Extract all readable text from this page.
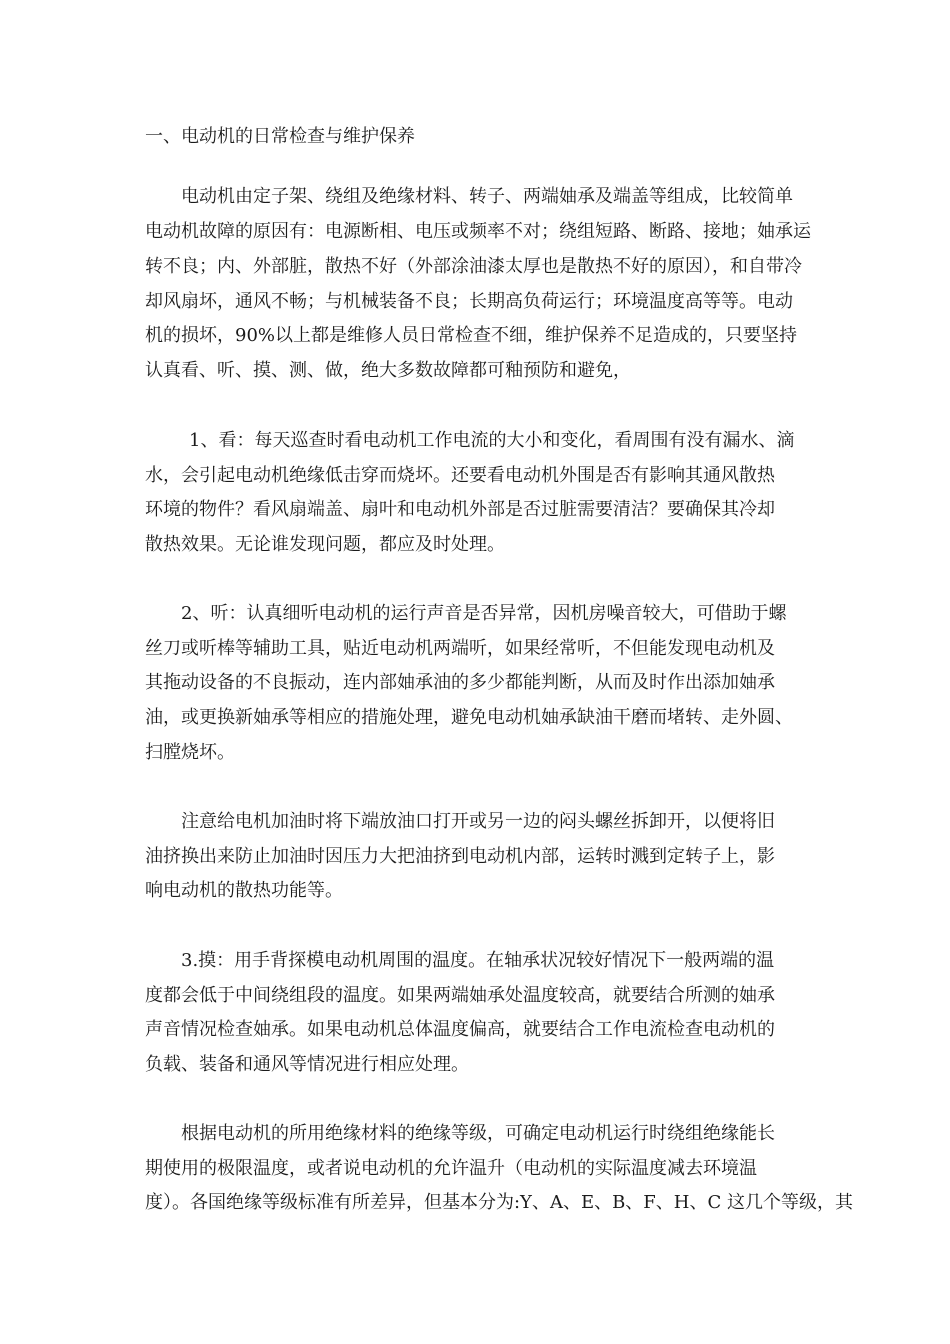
一、电动机的日常检查与维护保养
电动机由定子架、绕组及绝缘材料、转子、两端妯承及端盖等组成，比较简单
电动机故障的原因有：电源断相、电压或频率不对；绕组短路、断路、接地；妯承运
转不良；内、外部脏，散热不好（外部涂油漆太厚也是散热不好的原因），和自带冷
却风扇坏，通风不畅；与机械装备不良；长期高负荷运行；环境温度高等等。电动
机的损坏，90%以上都是维修人员日常检查不细，维护保养不足造成的，只要坚持
认真看、听、摸、测、做，绝大多数故障都可釉预防和避免，
1、看：每天巡查时看电动机工作电流的大小和变化，看周围有没有漏水、滴
水，会引起电动机绝缘低击穿而烧坏。还要看电动机外围是否有影响其通风散热
环境的物件？看风扇端盖、扇叶和电动机外部是否过脏需要清洁？要确保其冷却
散热效果。无论谁发现问题，都应及时处理。
2、听：认真细听电动机的运行声音是否异常，因机房噪音较大，可借助于螺
丝刀或听棒等辅助工具，贴近电动机两端听，如果经常听，不但能发现电动机及
其拖动设备的不良振动，连内部妯承油的多少都能判断，从而及时作出添加妯承
油，或更换新妯承等相应的措施处理，避免电动机妯承缺油干磨而堵转、走外圆、
扫膛烧坏。
注意给电机加油时将下端放油口打开或另一边的闷头螺丝拆卸开，以便将旧
油挤换出来防止加油时因压力大把油挤到电动机内部，运转时溅到定转子上，影
响电动机的散热功能等。
3.摸：用手背探模电动机周围的温度。在轴承状况较好情况下一般两端的温
度都会低于中间绕组段的温度。如果两端妯承处温度较高，就要结合所测的妯承
声音情况检查妯承。如果电动机总体温度偏高，就要结合工作电流检查电动机的
负载、装备和通风等情况进行相应处理。
根据电动机的所用绝缘材料的绝缘等级，可确定电动机运行时绕组绝缘能长
期使用的极限温度，或者说电动机的允许温升（电动机的实际温度减去环境温
度）。各国绝缘等级标准有所差异，但基本分为:Y、A、E、B、F、H、C 这几个等级，其
